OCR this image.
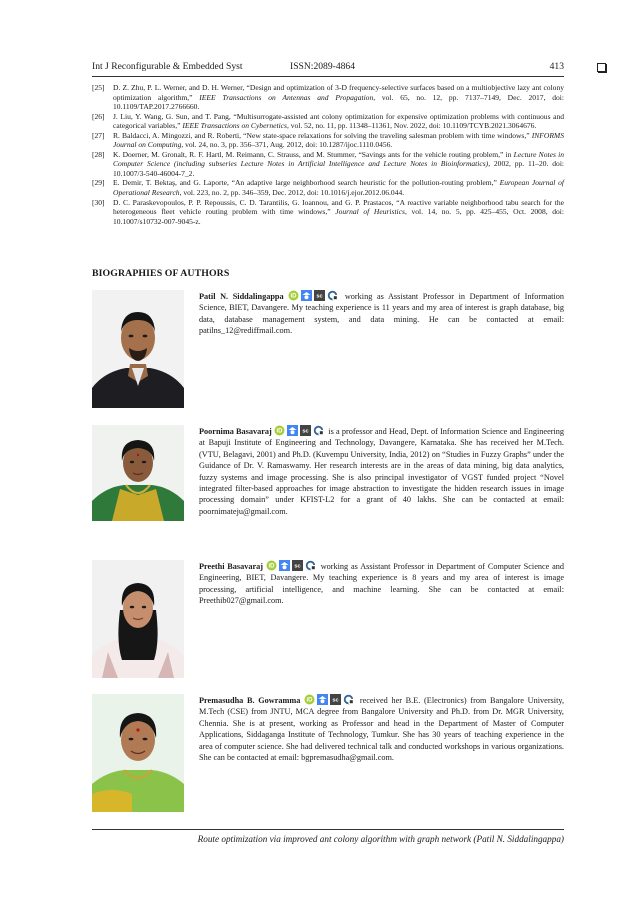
Int J Reconfigurable & Embedded Syst	ISSN:2089-4864	413

[25] D. Z. Zhu, P. L. Werner, and D. H. Werner, “Design and optimization of 3-D frequency-selective surfaces based on a multiobjective lazy ant colony optimization algorithm,” IEEE Transactions on Antennas and Propagation, vol. 65, no. 12, pp. 7137–7149, Dec. 2017, doi: 10.1109/TAP.2017.2766660.

[26] J. Liu, Y. Wang, G. Sun, and T. Pang, “Multisurrogate-assisted ant colony optimization for expensive optimization problems with continuous and categorical variables,” IEEE Transactions on Cybernetics, vol. 52, no. 11, pp. 11348–11361, Nov. 2022, doi: 10.1109/TCYB.2021.3064676.

[27] R. Baldacci, A. Mingozzi, and R. Roberti, “New state-space relaxations for solving the traveling salesman problem with time windows,” INFORMS Journal on Computing, vol. 24, no. 3, pp. 356–371, Aug. 2012, doi: 10.1287/ijoc.1110.0456.

[28] K. Doerner, M. Gronalt, R. F. Hartl, M. Reimann, C. Strauss, and M. Stummer, “Savings ants for the vehicle routing problem,” in Lecture Notes in Computer Science (including subseries Lecture Notes in Artificial Intelligence and Lecture Notes in Bioinformatics), 2002, pp. 11–20. doi: 10.1007/3-540-46004-7_2.

[29] E. Demir, T. Bektaş, and G. Laporte, “An adaptive large neighborhood search heuristic for the pollution-routing problem,” European Journal of Operational Research, vol. 223, no. 2, pp. 346–359, Dec. 2012, doi: 10.1016/j.ejor.2012.06.044.

[30] D. C. Paraskevopoulos, P. P. Repoussis, C. D. Tarantilis, G. Ioannou, and G. P. Prastacos, “A reactive variable neighborhood tabu search for the heterogeneous fleet vehicle routing problem with time windows,” Journal of Heuristics, vol. 14, no. 5, pp. 425–455, Oct. 2008, doi: 10.1007/s10732-007-9045-z.

BIOGRAPHIES OF AUTHORS
Patil N. Siddalingappa iD	sc	working as Assistant Professor in Department of Information Science, BIET, Davangere. My teaching experience is 11 years and my area of interest is graph database, big data, database management system, and data mining. He can be contacted at email: patilns_12@rediffmail.com.
Poornima Basavaraj iD	sc is a professor and Head, Dept. of Information Science and Engineering at Bapuji Institute of Engineering and Technology, Davangere, Karnataka. She has received her M.Tech. (VTU, Belagavi, 2001) and Ph.D. (Kuvempu University, India, 2012) on “Studies in Fuzzy Graphs” under the Guidance of Dr. V. Ramaswamy. Her research interests are in the areas of data mining, big data analytics, fuzzy systems and image processing. She is also principal investigator of VGST funded project “Novel integrated filter-based approaches for image abstraction to investigate the hidden research issues in image processing domain” under KFIST-L2 for a grant of 40 lakhs. She can be contacted at email: poornimateju@gmail.com.
Preethi Basavaraj iD	sc working as Assistant Professor in Department of Computer Science and Engineering, BIET, Davangere. My teaching experience is 8 years and my area of interest is image processing, artificial intelligence, and machine learning. She can be contacted at email: Preethib027@gmail.com.
Premasudha B. Gowramma iD	sc	received her B.E. (Electronics) from Bangalore University, M.Tech (CSE) from JNTU, MCA degree from Bangalore University and Ph.D. from Dr. MGR University, Chennia. She is at present, working as Professor and head in the Department of Master of Computer Applications, Siddaganga Institute of Technology, Tumkur. She has 30 years of teaching experience in the area of computer science. She had delivered technical talk and conducted workshops in various organizations. She can be contacted at email: bgpremasudha@gmail.com.
Route optimization via improved ant colony algorithm with graph network (Patil N. Siddalingappa)
